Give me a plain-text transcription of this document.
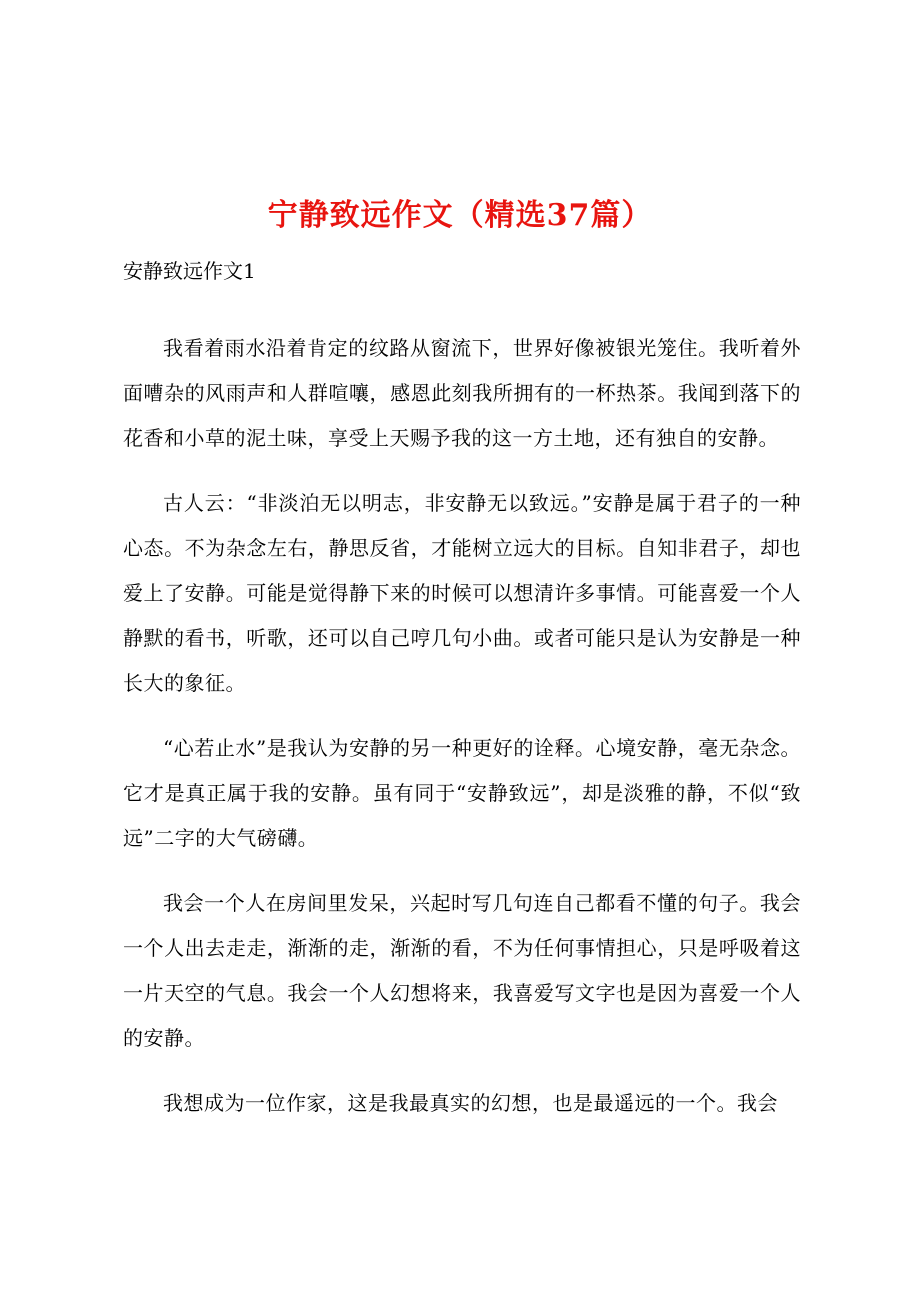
宁静致远作文（精选37篇）

安静致远作文1

我看着雨水沿着肯定的纹路从窗流下，世界好像被银光笼住。我听着外面嘈杂的风雨声和人群喧嚷，感恩此刻我所拥有的一杯热茶。我闻到落下的花香和小草的泥土味，享受上天赐予我的这一方土地，还有独自的安静。

古人云：“非淡泊无以明志，非安静无以致远。”安静是属于君子的一种心态。不为杂念左右，静思反省，才能树立远大的目标。自知非君子，却也爱上了安静。可能是觉得静下来的时候可以想清许多事情。可能喜爱一个人静默的看书，听歌，还可以自己哼几句小曲。或者可能只是认为安静是一种长大的象征。

“心若止水”是我认为安静的另一种更好的诠释。心境安静，毫无杂念。它才是真正属于我的安静。虽有同于“安静致远”，却是淡雅的静，不似“致远”二字的大气磅礴。

我会一个人在房间里发呆，兴起时写几句连自己都看不懂的句子。我会一个人出去走走，渐渐的走，渐渐的看，不为任何事情担心，只是呼吸着这一片天空的气息。我会一个人幻想将来，我喜爱写文字也是因为喜爱一个人的安静。

我想成为一位作家，这是我最真实的幻想，也是最遥远的一个。我会
